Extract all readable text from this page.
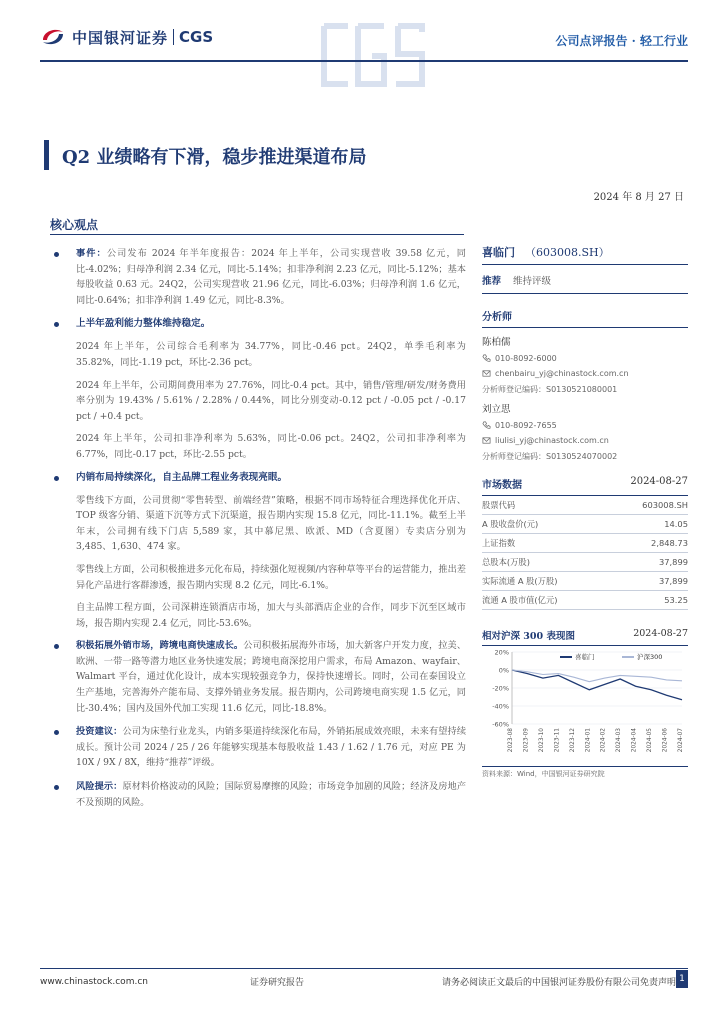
中国银河证券 CGS	公司点评报告 · 轻工行业
Q2 业绩略有下滑，稳步推进渠道布局
2024 年 8 月 27 日
核心观点

事件：公司发布 2024 年半年度报告：2024 年上半年，公司实现营收 39.58 亿元，同比-4.02%；归母净利润 2.34 亿元，同比-5.14%；扣非净利润 2.23 亿元，同比-5.12%；基本每股收益 0.63 元。24Q2，公司实现营收 21.96 亿元，同比-6.03%；归母净利润 1.6 亿元，同比-0.64%；扣非净利润 1.49 亿元，同比-8.3%。

上半年盈利能力整体维持稳定。

2024 年上半年，公司综合毛利率为 34.77%，同比-0.46 pct。24Q2，单季毛利率为 35.82%，同比-1.19 pct，环比-2.36 pct。

2024 年上半年，公司期间费用率为 27.76%，同比-0.4 pct。其中，销售/管理/研发/财务费用率分别为 19.43% / 5.61% / 2.28% / 0.44%，同比分别变动-0.12 pct / -0.05 pct / -0.17 pct / +0.4 pct。

2024 年上半年，公司扣非净利率为 5.63%，同比-0.06 pct。24Q2，公司扣非净利率为 6.77%，同比-0.17 pct，环比-2.55 pct。

内销布局持续深化，自主品牌工程业务表现亮眼。

零售线下方面，公司贯彻“零售转型、前端经营”策略，根据不同市场特征合理选择优化开店、TOP 级客分销、渠道下沉等方式下沉渠道，报告期内实现 15.8 亿元，同比-11.1%。截至上半年末，公司拥有线下门店 5,589 家，其中慕尼黑、欧派、MD（含夏图）专卖店分别为 3,485、1,630、474 家。

零售线上方面，公司积极推进多元化布局，持续强化短视频/内容种草等平台的运营能力，推出差异化产品进行客群渗透，报告期内实现 8.2 亿元，同比-6.1%。

自主品牌工程方面，公司深耕连锁酒店市场，加大与头部酒店企业的合作，同步下沉至区域市场，报告期内实现 2.4 亿元，同比-53.6%。

积极拓展外销市场，跨境电商快速成长。公司积极拓展海外市场，加大新客户开发力度，拉美、欧洲、一带一路等潜力地区业务快速发展；跨境电商深挖用户需求，布局 Amazon、wayfair、Walmart 平台，通过优化设计，成本实现较强竞争力，保持快速增长。同时，公司在泰国设立生产基地，完善海外产能布局、支撑外销业务发展。报告期内，公司跨境电商实现 1.5 亿元，同比-30.4%；国内及国外代加工实现 11.6 亿元，同比-18.8%。

投资建议：公司为床垫行业龙头，内销多渠道持续深化布局，外销拓展成效亮眼，未来有望持续成长。预计公司 2024 / 25 / 26 年能够实现基本每股收益 1.43 / 1.62 / 1.76 元，对应 PE 为 10X / 9X / 8X，维持“推荐”评级。

风险提示：原材料价格波动的风险；国际贸易摩擦的风险；市场竞争加剧的风险；经济及房地产不及预期的风险。

喜临门 （603008.SH）
推荐 维持评级
分析师
陈柏儒
010-8092-6000
chenbairu_yj@chinastock.com.cn
分析师登记编码：S0130521080001
刘立思
010-8092-7655
liulisi_yj@chinastock.com.cn
分析师登记编码：S0130524070002
市场数据	2024-08-27
股票代码	603008.SH
A 股收盘价(元)	14.05
上证指数	2,848.73
总股本(万股)	37,899
实际流通 A 股(万股)	37,899
流通 A 股市值(亿元)	53.25
相对沪深 300 表现图	2024-08-27
20%
0%
-20%
-40%
-60%
2023-08 2023-09 2023-10 2023-11 2023-12 2024-01 2024-02 2024-03 2024-04 2024-05 2024-06 2024-07
喜临门	沪深300
资料来源：Wind，中国银河证券研究院
www.chinastock.com.cn	证券研究报告	请务必阅读正文最后的中国银河证券股份有限公司免责声明 1
